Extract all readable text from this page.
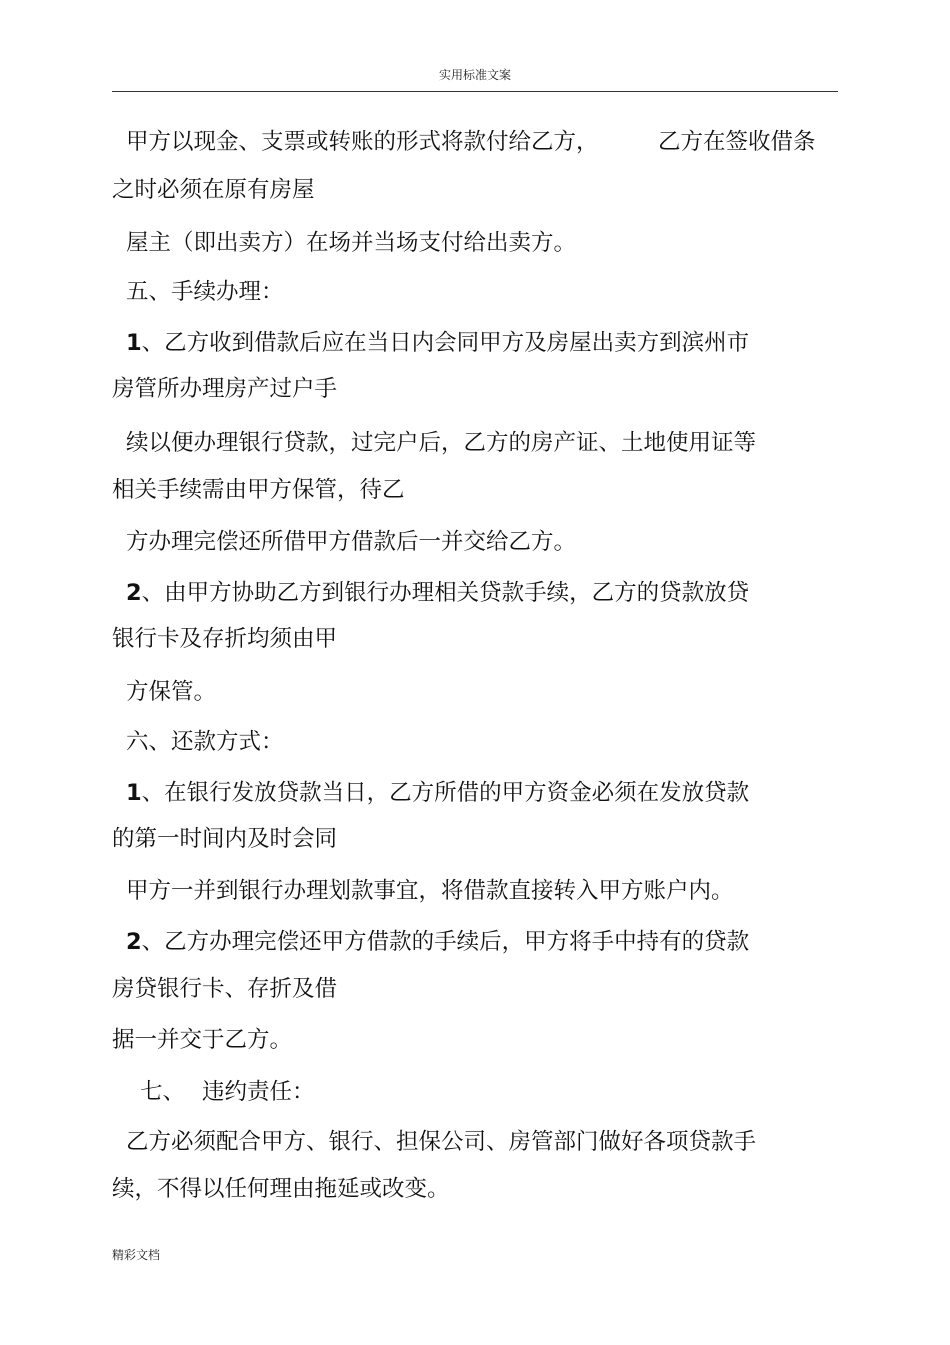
实用标准文案
甲方以现金、支票或转账的形式将款付给乙方，	乙方在签收借条
之时必须在原有房屋
屋主（即出卖方）在场并当场支付给出卖方。
五、手续办理：
1、乙方收到借款后应在当日内会同甲方及房屋出卖方到滨州市
房管所办理房产过户手
续以便办理银行贷款，过完户后，乙方的房产证、土地使用证等
相关手续需由甲方保管，待乙
方办理完偿还所借甲方借款后一并交给乙方。
2、由甲方协助乙方到银行办理相关贷款手续，乙方的贷款放贷
银行卡及存折均须由甲
方保管。
六、还款方式：
1、在银行发放贷款当日，乙方所借的甲方资金必须在发放贷款
的第一时间内及时会同
甲方一并到银行办理划款事宜，将借款直接转入甲方账户内。
2、乙方办理完偿还甲方借款的手续后，甲方将手中持有的贷款
房贷银行卡、存折及借
据一并交于乙方。
七、 违约责任：
乙方必须配合甲方、银行、担保公司、房管部门做好各项贷款手
续，不得以任何理由拖延或改变。
精彩文档
